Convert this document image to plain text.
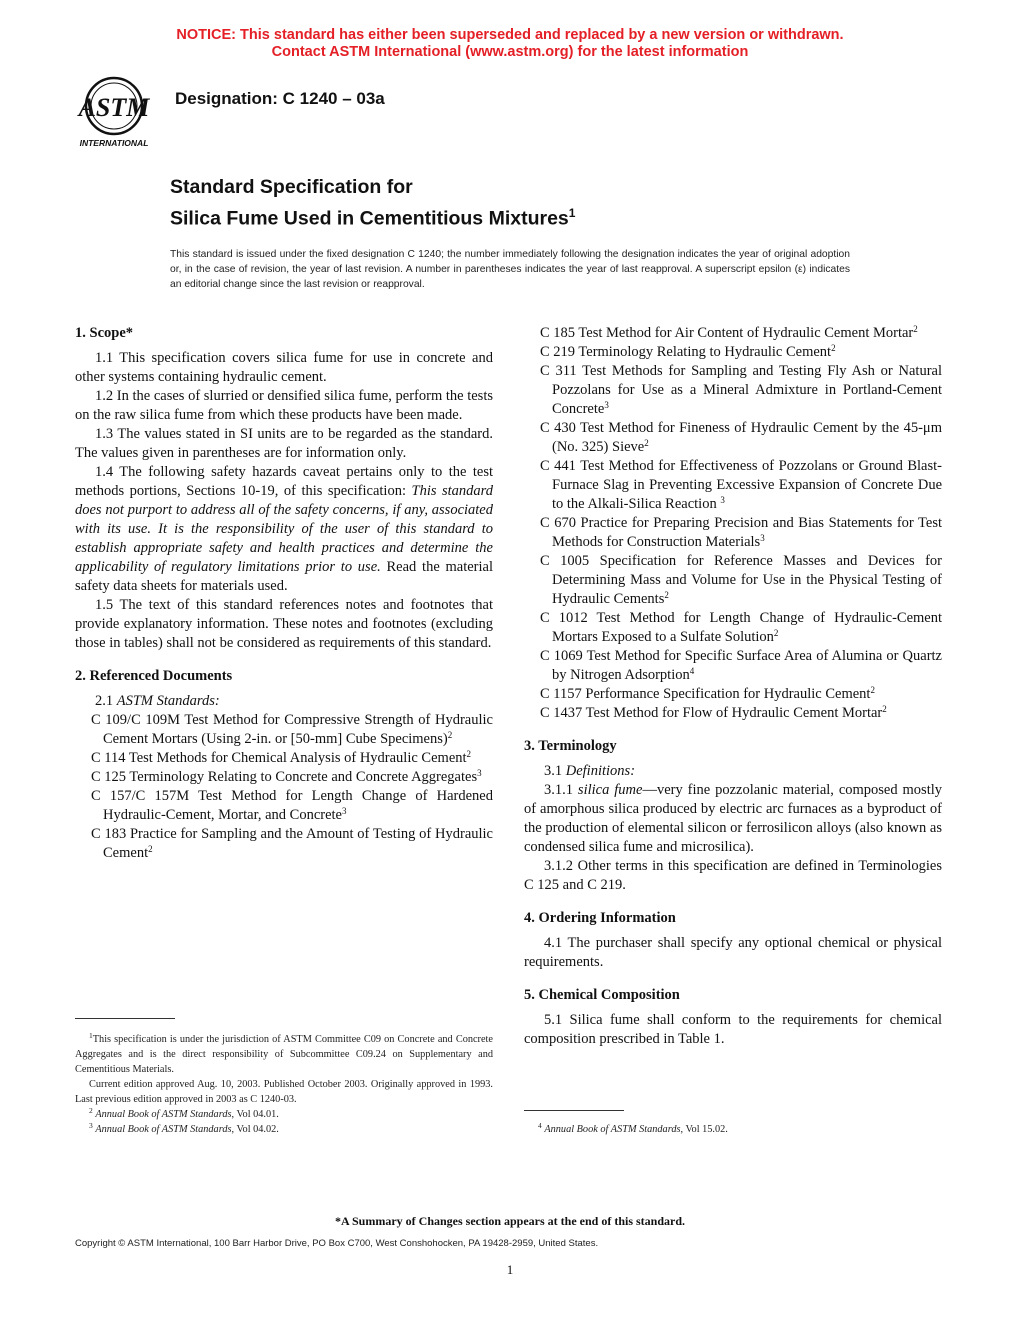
NOTICE: This standard has either been superseded and replaced by a new version or withdrawn.
Contact ASTM International (www.astm.org) for the latest information
ASTM
INTERNATIONAL
Designation: C 1240 – 03a
Standard Specification for
Silica Fume Used in Cementitious Mixtures$^1$
This standard is issued under the fixed designation C 1240; the number immediately following the designation indicates the year of original adoption or, in the case of revision, the year of last revision. A number in parentheses indicates the year of last reapproval. A superscript epsilon (ε) indicates an editorial change since the last revision or reapproval.

1. Scope*

1.1 This specification covers silica fume for use in concrete and other systems containing hydraulic cement.

1.2 In the cases of slurried or densified silica fume, perform the tests on the raw silica fume from which these products have been made.

1.3 The values stated in SI units are to be regarded as the standard. The values given in parentheses are for information only.

1.4 The following safety hazards caveat pertains only to the test methods portions, Sections 10-19, of this specification: This standard does not purport to address all of the safety concerns, if any, associated with its use. It is the responsibility of the user of this standard to establish appropriate safety and health practices and determine the applicability of regulatory limitations prior to use. Read the material safety data sheets for materials used.

1.5 The text of this standard references notes and footnotes that provide explanatory information. These notes and footnotes (excluding those in tables) shall not be considered as requirements of this standard.

2. Referenced Documents

2.1 ASTM Standards:

C 109/C 109M Test Method for Compressive Strength of Hydraulic Cement Mortars (Using 2-in. or [50-mm] Cube Specimens)$^2$

C 114 Test Methods for Chemical Analysis of Hydraulic Cement$^2$

C 125 Terminology Relating to Concrete and Concrete Aggregates$^3$

C 157/C 157M Test Method for Length Change of Hardened Hydraulic-Cement, Mortar, and Concrete$^3$

C 183 Practice for Sampling and the Amount of Testing of Hydraulic Cement$^2$

C 185 Test Method for Air Content of Hydraulic Cement Mortar$^2$

C 219 Terminology Relating to Hydraulic Cement$^2$

C 311 Test Methods for Sampling and Testing Fly Ash or Natural Pozzolans for Use as a Mineral Admixture in Portland-Cement Concrete$^3$

C 430 Test Method for Fineness of Hydraulic Cement by the 45-μm (No. 325) Sieve$^2$

C 441 Test Method for Effectiveness of Pozzolans or Ground Blast-Furnace Slag in Preventing Excessive Expansion of Concrete Due to the Alkali-Silica Reaction $^3$

C 670 Practice for Preparing Precision and Bias Statements for Test Methods for Construction Materials$^3$

C 1005 Specification for Reference Masses and Devices for Determining Mass and Volume for Use in the Physical Testing of Hydraulic Cements$^2$

C 1012 Test Method for Length Change of Hydraulic-Cement Mortars Exposed to a Sulfate Solution$^2$

C 1069 Test Method for Specific Surface Area of Alumina or Quartz by Nitrogen Adsorption$^4$

C 1157 Performance Specification for Hydraulic Cement$^2$

C 1437 Test Method for Flow of Hydraulic Cement Mortar$^2$

3. Terminology

3.1 Definitions:

3.1.1 silica fume—very fine pozzolanic material, composed mostly of amorphous silica produced by electric arc furnaces as a byproduct of the production of elemental silicon or ferrosilicon alloys (also known as condensed silica fume and microsilica).

3.1.2 Other terms in this specification are defined in Terminologies C 125 and C 219.

4. Ordering Information

4.1 The purchaser shall specify any optional chemical or physical requirements.

5. Chemical Composition

5.1 Silica fume shall conform to the requirements for chemical composition prescribed in Table 1.

$^1$This specification is under the jurisdiction of ASTM Committee C09 on Concrete and Concrete Aggregates and is the direct responsibility of Subcommittee C09.24 on Supplementary and Cementitious Materials.

Current edition approved Aug. 10, 2003. Published October 2003. Originally approved in 1993. Last previous edition approved in 2003 as C 1240-03.

$^2$ Annual Book of ASTM Standards, Vol 04.01.

$^3$ Annual Book of ASTM Standards, Vol 04.02.	$^4$ Annual Book of ASTM Standards, Vol 15.02.

*A Summary of Changes section appears at the end of this standard.
Copyright © ASTM International, 100 Barr Harbor Drive, PO Box C700, West Conshohocken, PA 19428-2959, United States.
1
